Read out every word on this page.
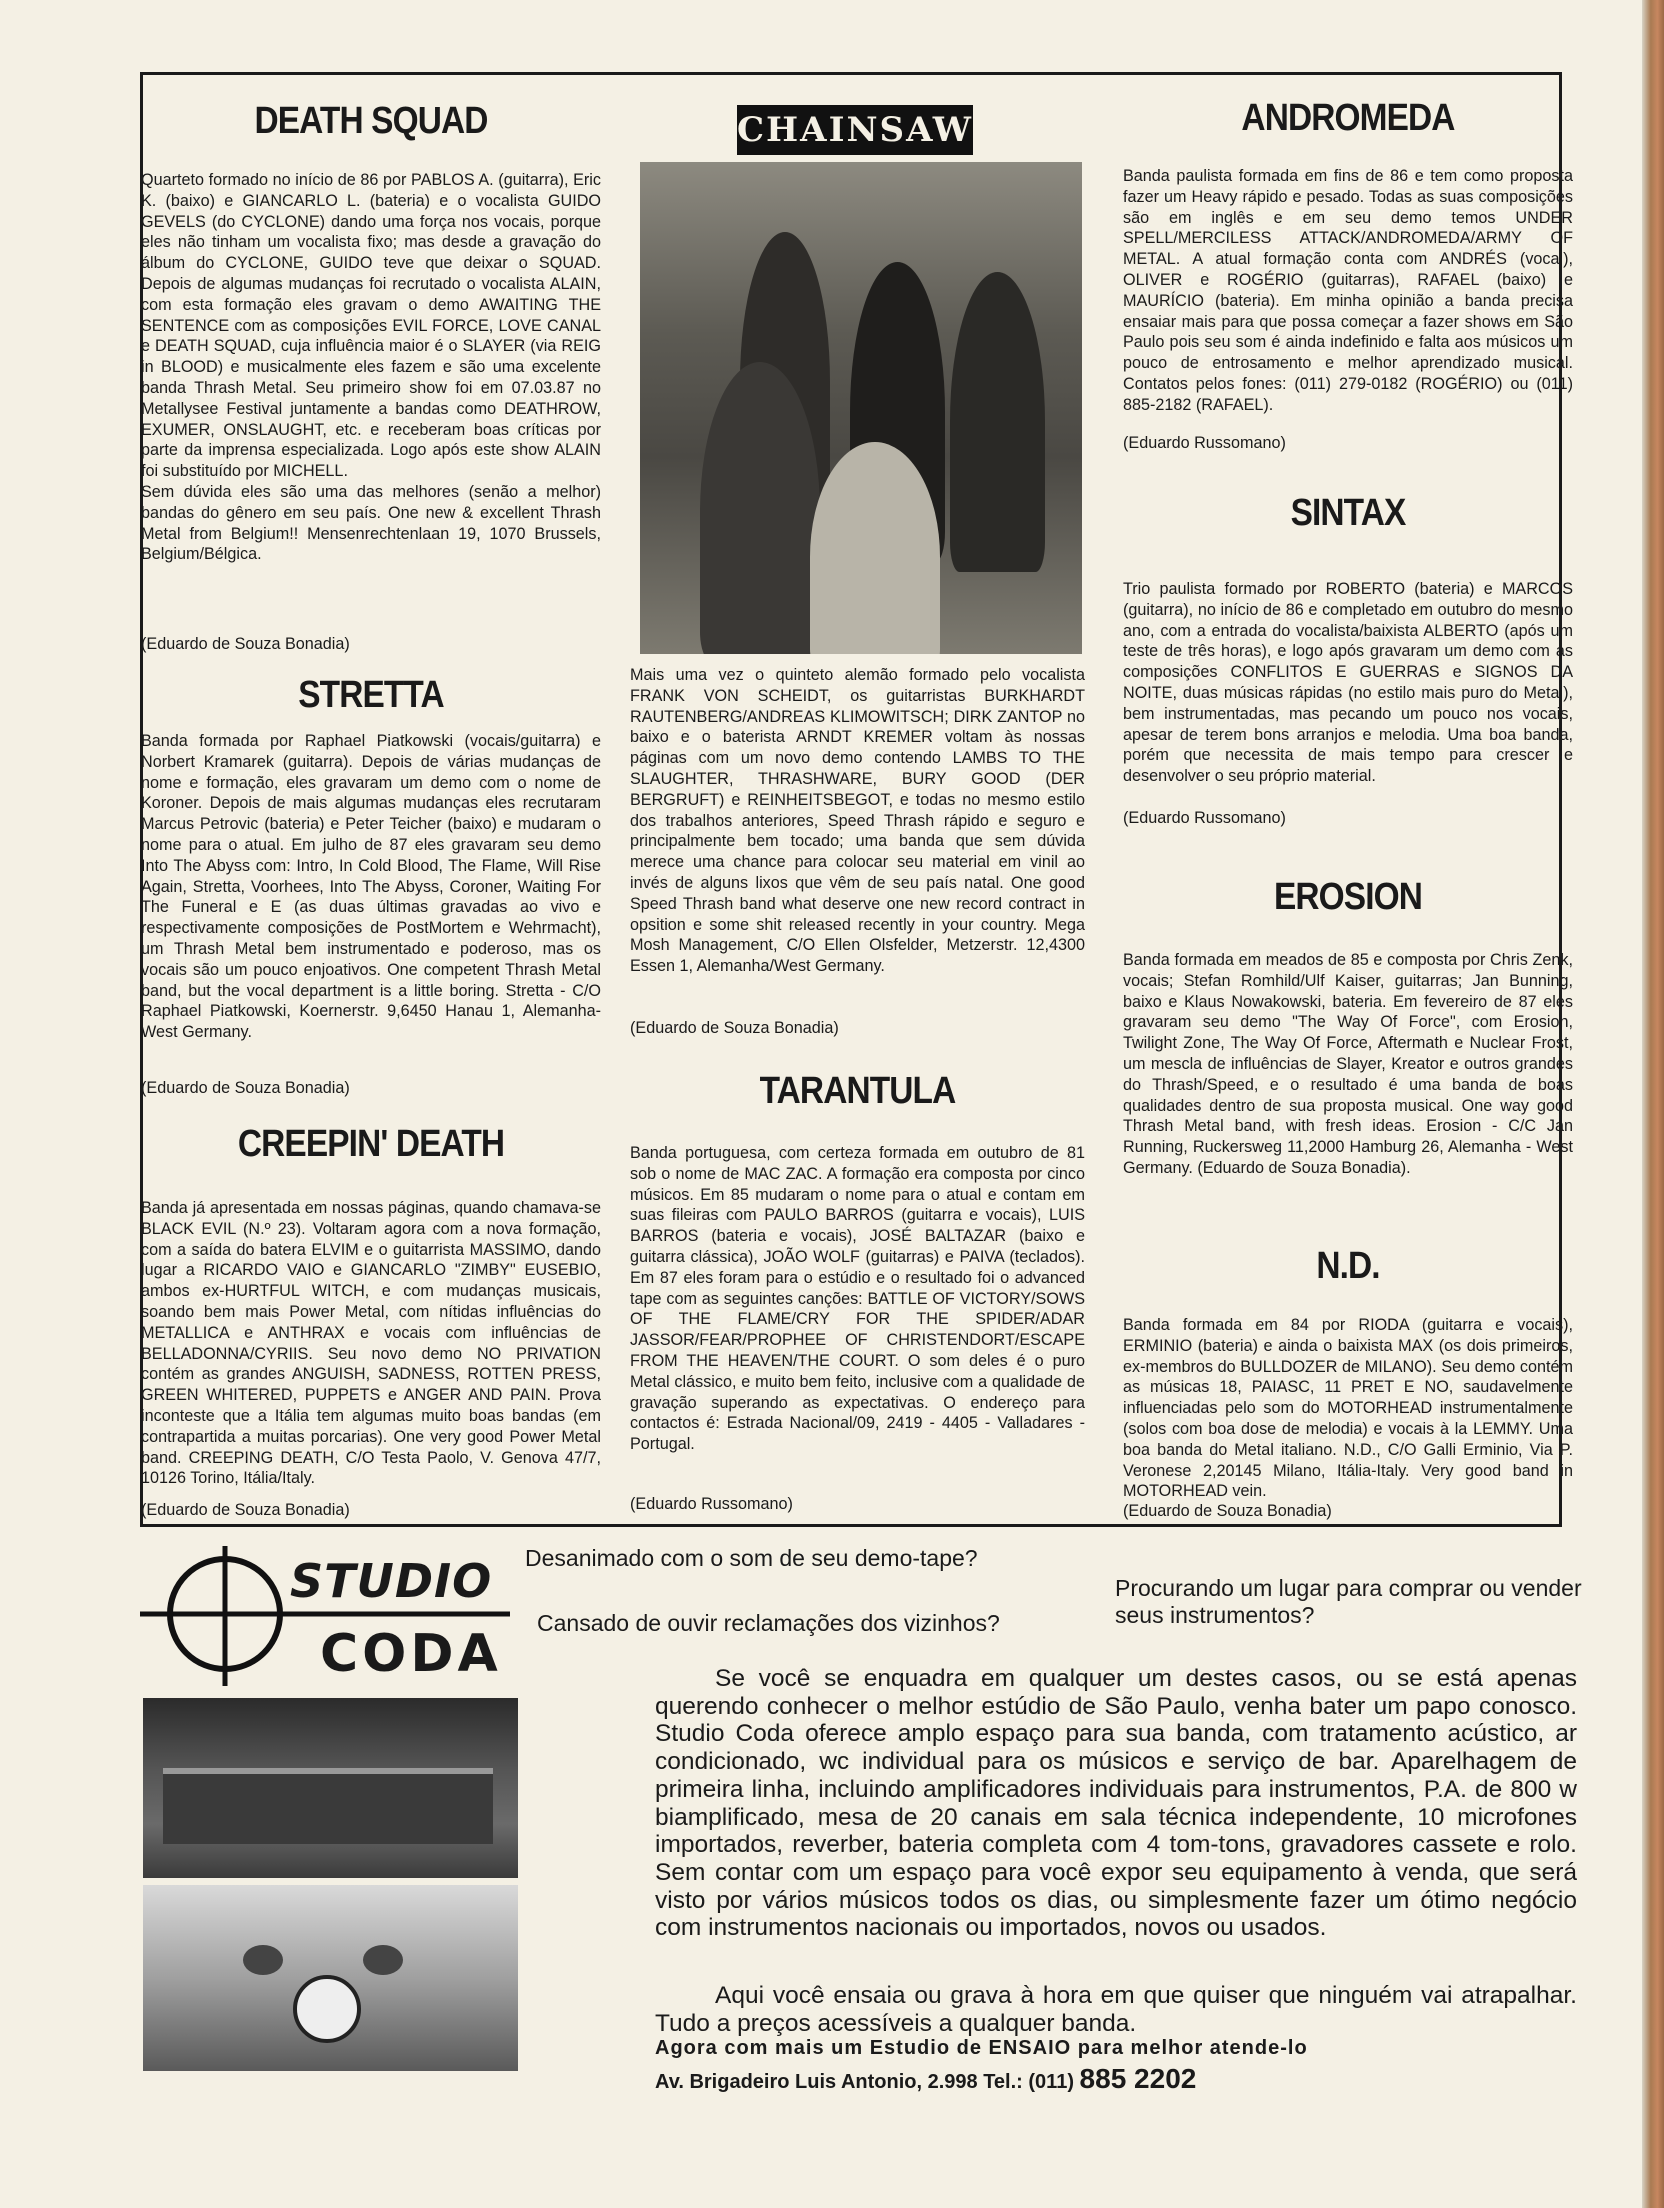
DEATH SQUAD

Quarteto formado no início de 86 por PABLOS A. (guitarra), Eric K. (baixo) e GIANCARLO L. (bateria) e o vocalista GUIDO GEVELS (do CYCLONE) dando uma força nos vocais, porque eles não tinham um vocalista fixo; mas desde a gravação do álbum do CYCLONE, GUIDO teve que deixar o SQUAD. Depois de algumas mudanças foi recrutado o vocalista ALAIN, com esta formação eles gravam o demo AWAITING THE SENTENCE com as composições EVIL FORCE, LOVE CANAL e DEATH SQUAD, cuja influência maior é o SLAYER (via REIG in BLOOD) e musicalmente eles fazem e são uma excelente banda Thrash Metal. Seu primeiro show foi em 07.03.87 no Metallysee Festival juntamente a bandas como DEATHROW, EXUMER, ONSLAUGHT, etc. e receberam boas críticas por parte da imprensa especializada. Logo após este show ALAIN foi substituído por MICHELL.
Sem dúvida eles são uma das melhores (senão a melhor) bandas do gênero em seu país. One new & excellent Thrash Metal from Belgium!! Mensenrechtenlaan 19, 1070 Brussels, Belgium/Bélgica.

(Eduardo de Souza Bonadia)

STRETTA

Banda formada por Raphael Piatkowski (vocais/guitarra) e Norbert Kramarek (guitarra). Depois de várias mudanças de nome e formação, eles gravaram um demo com o nome de Koroner. Depois de mais algumas mudanças eles recrutaram Marcus Petrovic (bateria) e Peter Teicher (baixo) e mudaram o nome para o atual. Em julho de 87 eles gravaram seu demo Into The Abyss com: Intro, In Cold Blood, The Flame, Will Rise Again, Stretta, Voorhees, Into The Abyss, Coroner, Waiting For The Funeral e E (as duas últimas gravadas ao vivo e respectivamente composições de PostMortem e Wehrmacht), um Thrash Metal bem instrumentado e poderoso, mas os vocais são um pouco enjoativos. One competent Thrash Metal band, but the vocal department is a little boring. Stretta - C/O Raphael Piatkowski, Koernerstr. 9,6450 Hanau 1, Alemanha-West Germany.

(Eduardo de Souza Bonadia)

CREEPIN' DEATH

Banda já apresentada em nossas páginas, quando chamava-se BLACK EVIL (N.º 23). Voltaram agora com a nova formação, com a saída do batera ELVIM e o guitarrista MASSIMO, dando lugar a RICARDO VAIO e GIANCARLO "ZIMBY" EUSEBIO, ambos ex-HURTFUL WITCH, e com mudanças musicais, soando bem mais Power Metal, com nítidas influências do METALLICA e ANTHRAX e vocais com influências de BELLADONNA/CYRIIS. Seu novo demo NO PRIVATION contém as grandes ANGUISH, SADNESS, ROTTEN PRESS, GREEN WHITERED, PUPPETS e ANGER AND PAIN. Prova inconteste que a Itália tem algumas muito boas bandas (em contrapartida a muitas porcarias). One very good Power Metal band. CREEPING DEATH, C/O Testa Paolo, V. Genova 47/7, 10126 Torino, Itália/Italy.

(Eduardo de Souza Bonadia)

CHAINSAW

Mais uma vez o quinteto alemão formado pelo vocalista FRANK VON SCHEIDT, os guitarristas BURKHARDT RAUTENBERG/ANDREAS KLIMOWITSCH; DIRK ZANTOP no baixo e o baterista ARNDT KREMER voltam às nossas páginas com um novo demo contendo LAMBS TO THE SLAUGHTER, THRASHWARE, BURY GOOD (DER BERGRUFT) e REINHEITSBEGOT, e todas no mesmo estilo dos trabalhos anteriores, Speed Thrash rápido e seguro e principalmente bem tocado; uma banda que sem dúvida merece uma chance para colocar seu material em vinil ao invés de alguns lixos que vêm de seu país natal. One good Speed Thrash band what deserve one new record contract in opsition e some shit released recently in your country. Mega Mosh Management, C/O Ellen Olsfelder, Metzerstr. 12,4300 Essen 1, Alemanha/West Germany.

(Eduardo de Souza Bonadia)

TARANTULA

Banda portuguesa, com certeza formada em outubro de 81 sob o nome de MAC ZAC. A formação era composta por cinco músicos. Em 85 mudaram o nome para o atual e contam em suas fileiras com PAULO BARROS (guitarra e vocais), LUIS BARROS (bateria e vocais), JOSÉ BALTAZAR (baixo e guitarra clássica), JOÃO WOLF (guitarras) e PAIVA (teclados). Em 87 eles foram para o estúdio e o resultado foi o advanced tape com as seguintes canções: BATTLE OF VICTORY/SOWS OF THE FLAME/CRY FOR THE SPIDER/ADAR JASSOR/FEAR/PROPHEE OF CHRISTENDORT/ESCAPE FROM THE HEAVEN/THE COURT. O som deles é o puro Metal clássico, e muito bem feito, inclusive com a qualidade de gravação superando as expectativas. O endereço para contactos é: Estrada Nacional/09, 2419 - 4405 - Valladares - Portugal.

(Eduardo Russomano)

ANDROMEDA

Banda paulista formada em fins de 86 e tem como proposta fazer um Heavy rápido e pesado. Todas as suas composições são em inglês e em seu demo temos UNDER SPELL/MERCILESS ATTACK/ANDROMEDA/ARMY OF METAL. A atual formação conta com ANDRÉS (vocal), OLIVER e ROGÉRIO (guitarras), RAFAEL (baixo) e MAURÍCIO (bateria). Em minha opinião a banda precisa ensaiar mais para que possa começar a fazer shows em São Paulo pois seu som é ainda indefinido e falta aos músicos um pouco de entrosamento e melhor aprendizado musical. Contatos pelos fones: (011) 279-0182 (ROGÉRIO) ou (011) 885-2182 (RAFAEL).

(Eduardo Russomano)

SINTAX

Trio paulista formado por ROBERTO (bateria) e MARCOS (guitarra), no início de 86 e completado em outubro do mesmo ano, com a entrada do vocalista/baixista ALBERTO (após um teste de três horas), e logo após gravaram um demo com as composições CONFLITOS E GUERRAS e SIGNOS DA NOITE, duas músicas rápidas (no estilo mais puro do Metal), bem instrumentadas, mas pecando um pouco nos vocais, apesar de terem bons arranjos e melodia. Uma boa banda, porém que necessita de mais tempo para crescer e desenvolver o seu próprio material.

(Eduardo Russomano)

EROSION

Banda formada em meados de 85 e composta por Chris Zenk, vocais; Stefan Romhild/Ulf Kaiser, guitarras; Jan Bunning, baixo e Klaus Nowakowski, bateria. Em fevereiro de 87 eles gravaram seu demo "The Way Of Force", com Erosion, Twilight Zone, The Way Of Force, Aftermath e Nuclear Frost, um mescla de influências de Slayer, Kreator e outros grandes do Thrash/Speed, e o resultado é uma banda de boas qualidades dentro de sua proposta musical. One way good Thrash Metal band, with fresh ideas. Erosion - C/C Jan Running, Ruckersweg 11,2000 Hamburg 26, Alemanha - West Germany. (Eduardo de Souza Bonadia).

N.D.

Banda formada em 84 por RIODA (guitarra e vocais), ERMINIO (bateria) e ainda o baixista MAX (os dois primeiros, ex-membros do BULLDOZER de MILANO). Seu demo contém as músicas 18, PAIASC, 11 PRET E NO, saudavelmente influenciadas pelo som do MOTORHEAD instrumentalmente (solos com boa dose de melodia) e vocais à la LEMMY. Uma boa banda do Metal italiano. N.D., C/O Galli Erminio, Via P. Veronese 2,20145 Milano, Itália-Italy. Very good band in MOTORHEAD vein.

(Eduardo de Souza Bonadia)

STUDIO
CODA

Desanimado com o som de seu demo-tape?

Cansado de ouvir reclamações dos vizinhos?

Procurando um lugar para comprar ou vender seus instrumentos?

Se você se enquadra em qualquer um destes casos, ou se está apenas querendo conhecer o melhor estúdio de São Paulo, venha bater um papo conosco. Studio Coda oferece amplo espaço para sua banda, com tratamento acústico, ar condicionado, wc individual para os músicos e serviço de bar. Aparelhagem de primeira linha, incluindo amplificadores individuais para instrumentos, P.A. de 800 w biamplificado, mesa de 20 canais em sala técnica independente, 10 microfones importados, reverber, bateria completa com 4 tom-tons, gravadores cassete e rolo. Sem contar com um espaço para você expor seu equipamento à venda, que será visto por vários músicos todos os dias, ou simplesmente fazer um ótimo negócio com instrumentos nacionais ou importados, novos ou usados.

Aqui você ensaia ou grava à hora em que quiser que ninguém vai atrapalhar. Tudo a preços acessíveis a qualquer banda.

Agora com mais um Estudio de ENSAIO para melhor atende-lo

Av. Brigadeiro Luis Antonio, 2.998 Tel.: (011) 885 2202
